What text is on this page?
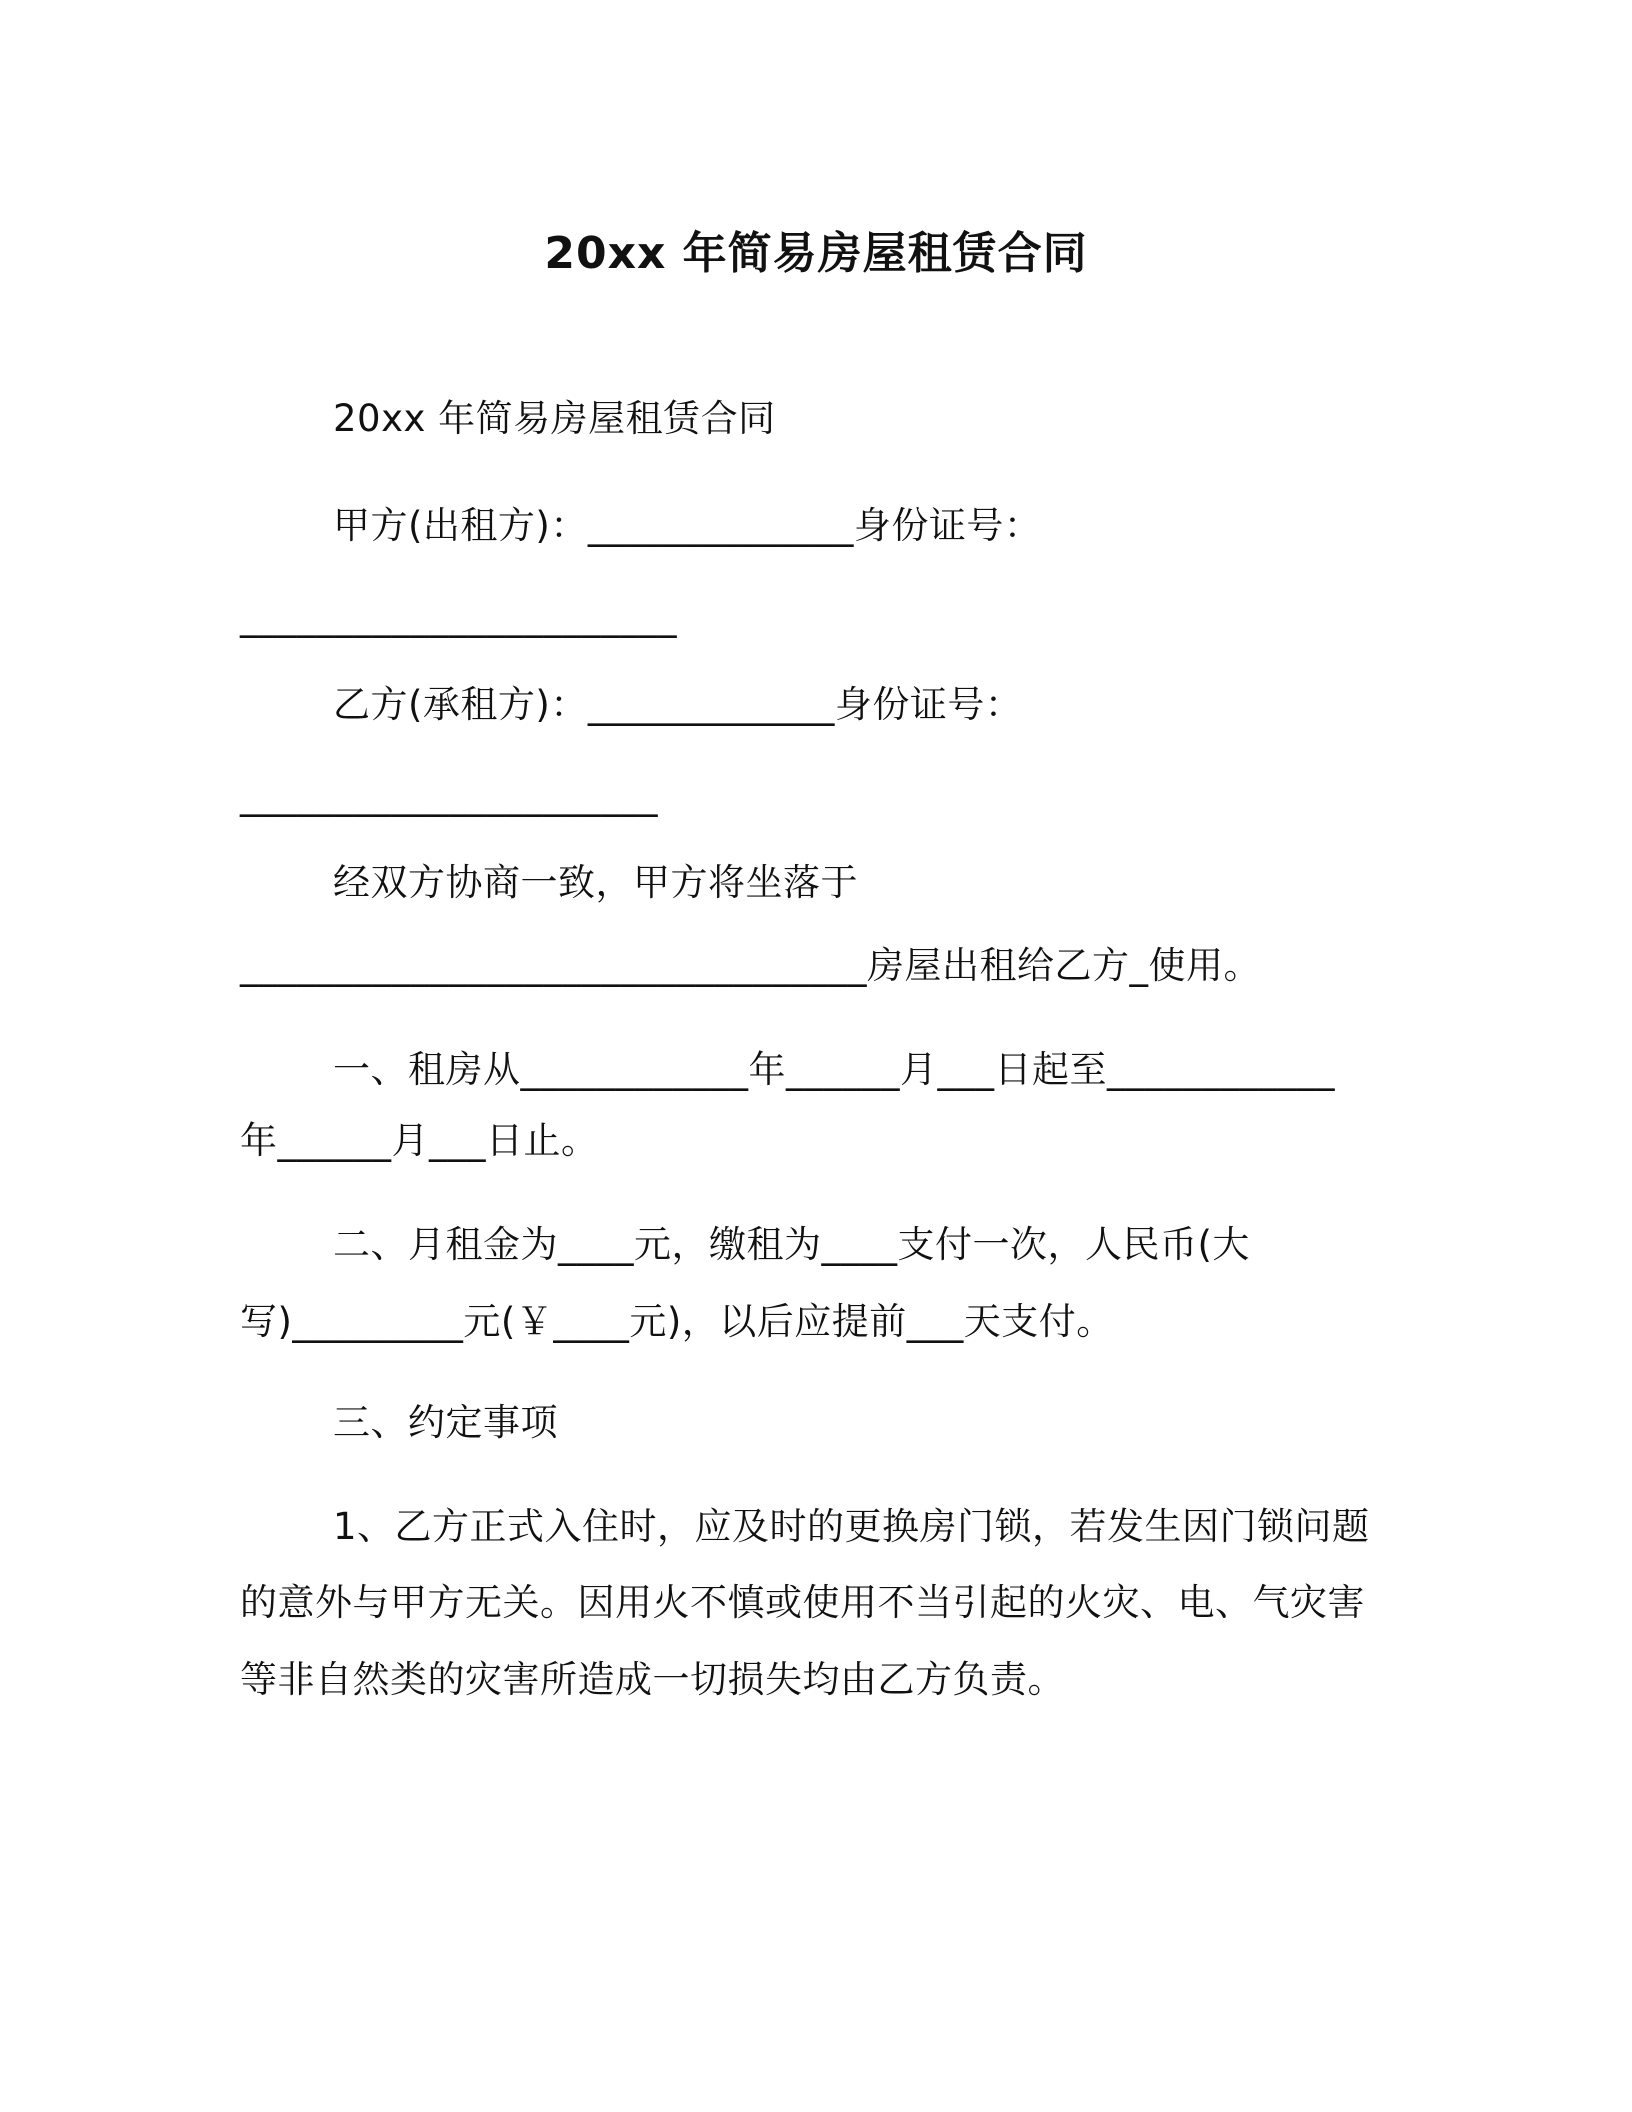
20xx 年简易房屋租赁合同
20xx 年简易房屋租赁合同
甲方(出租方)：______________身份证号：
_______________________
乙方(承租方)：_____________身份证号：
______________________
经双方协商一致，甲方将坐落于
_________________________________房屋出租给乙方_使用。
一、租房从____________年______月___日起至____________
年______月___日止。
二、月租金为____元，缴租为____支付一次，人民币(大
写)_________元(￥____元)，以后应提前___天支付。
三、约定事项
1、乙方正式入住时，应及时的更换房门锁，若发生因门锁问题
的意外与甲方无关。因用火不慎或使用不当引起的火灾、电、气灾害
等非自然类的灾害所造成一切损失均由乙方负责。
